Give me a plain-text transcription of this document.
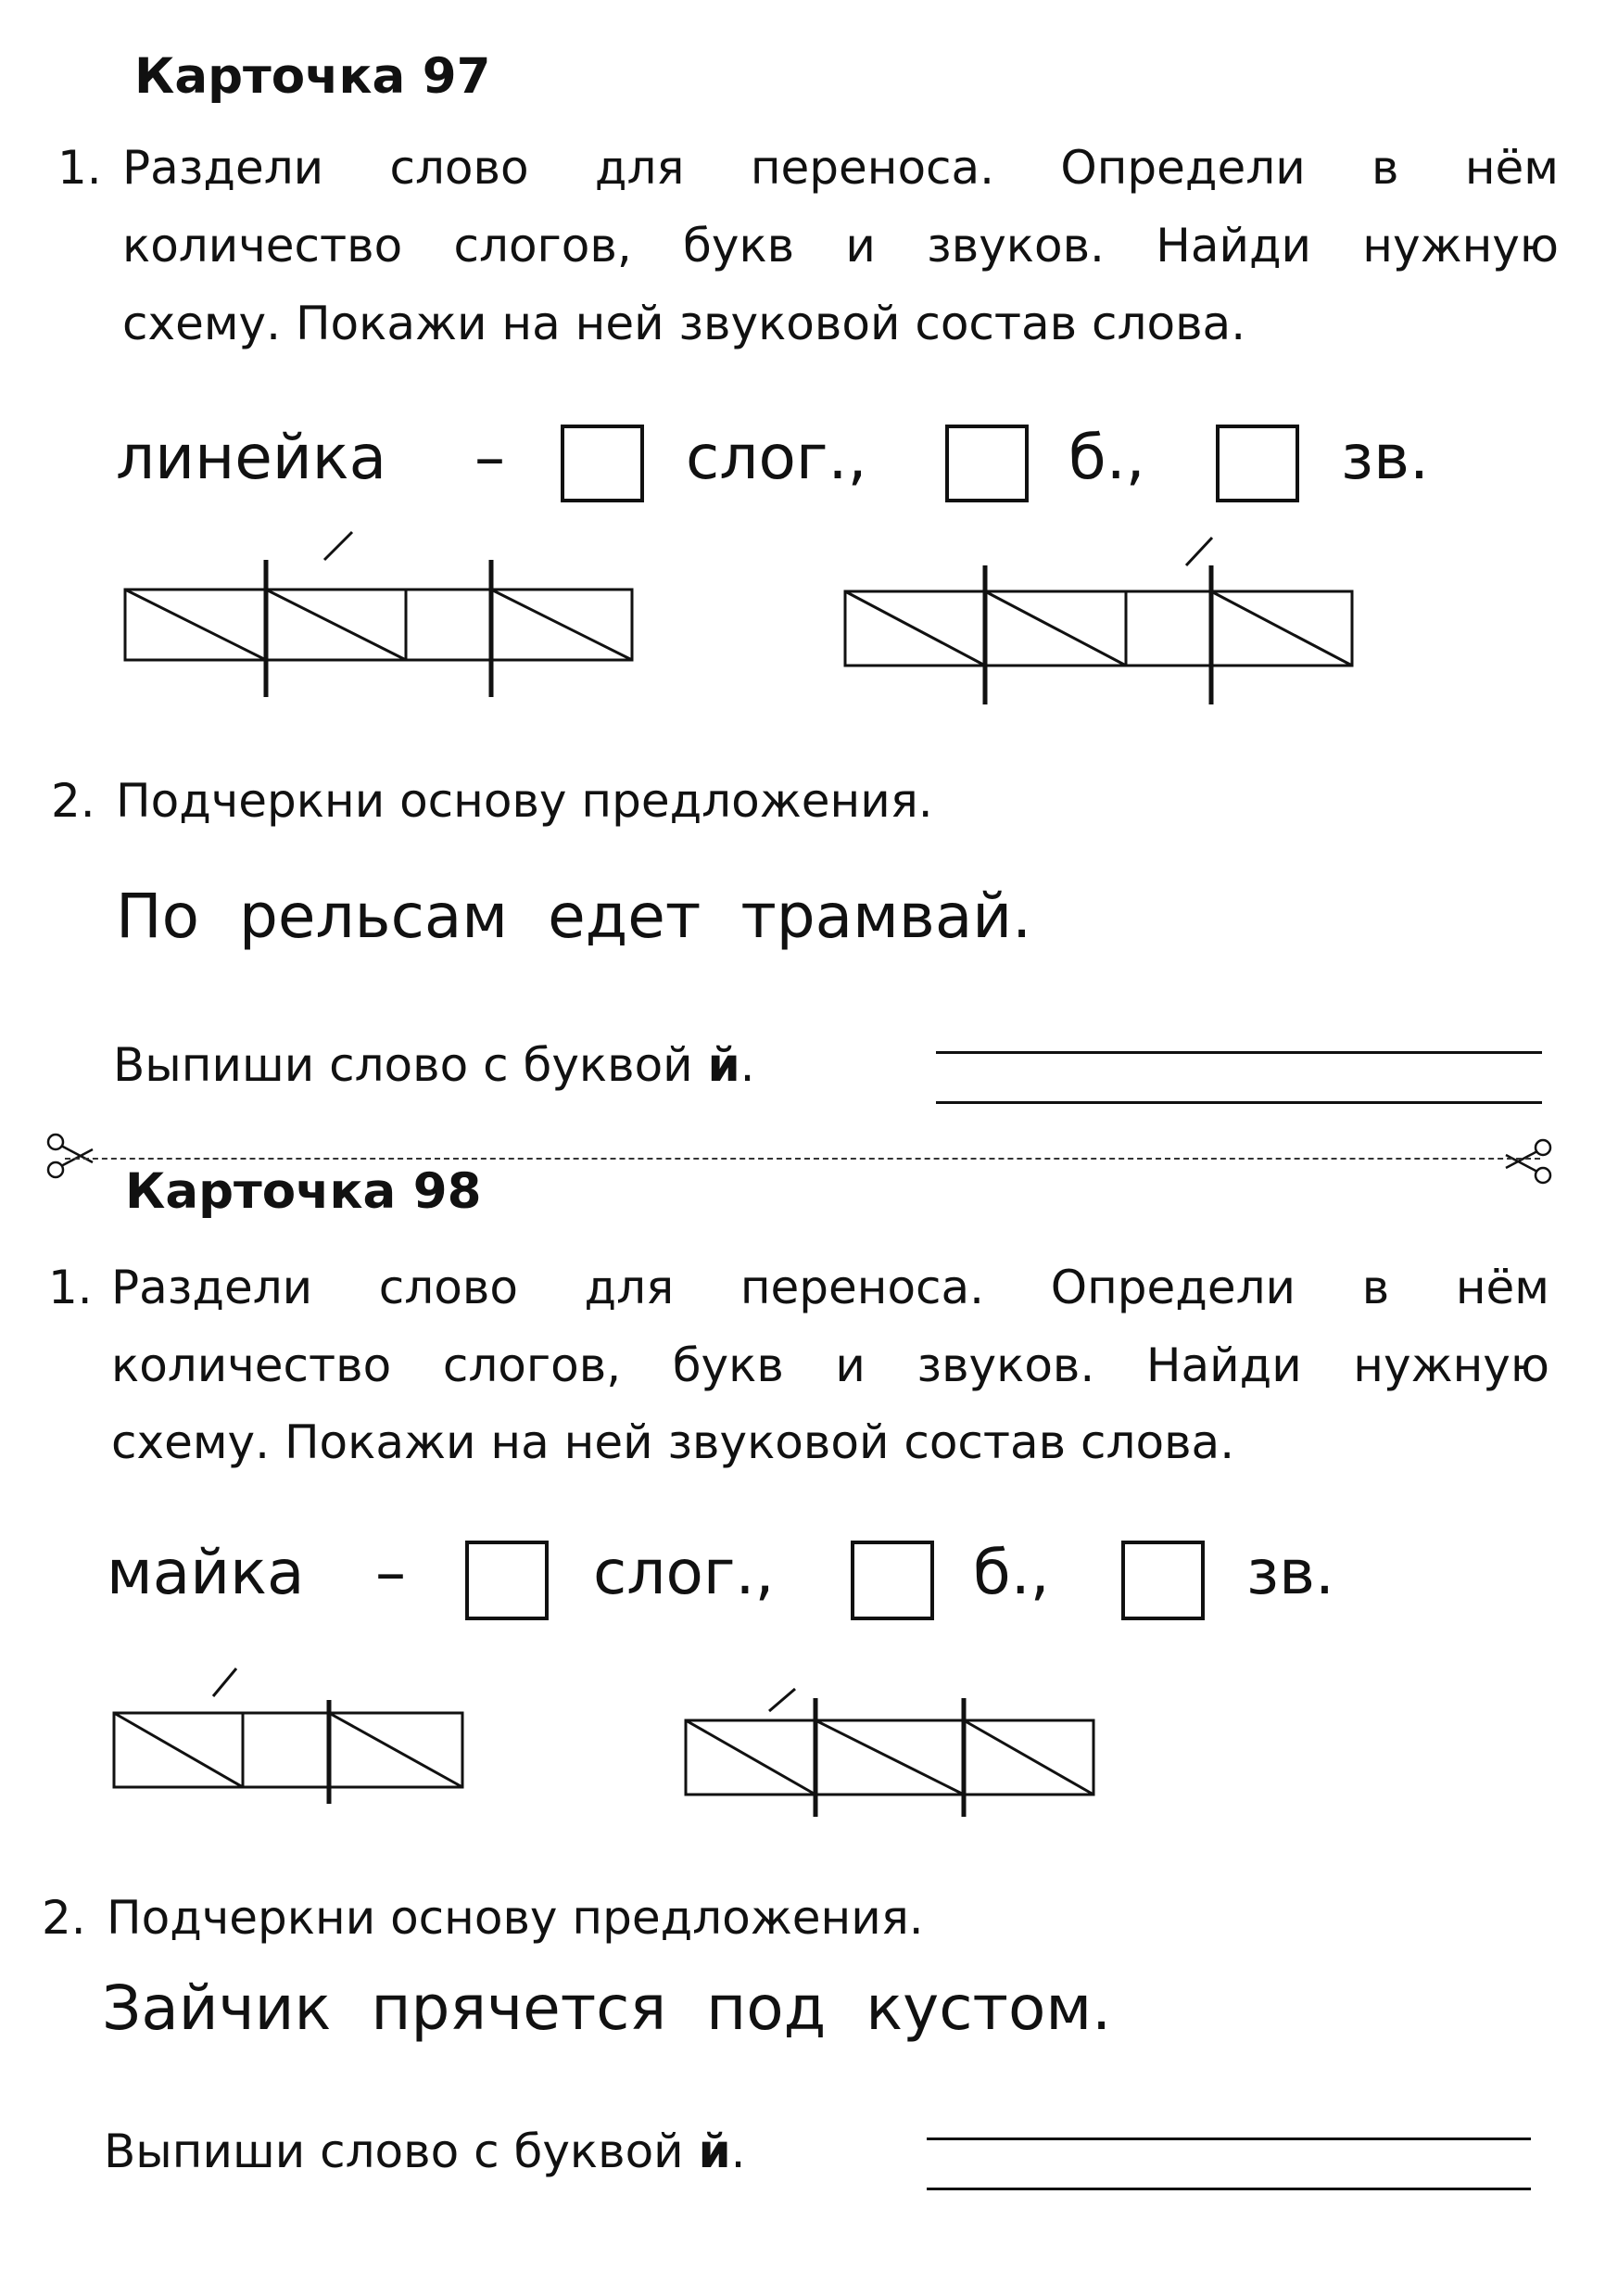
Карточка 97
1. Раздели слово для переноса. Определи в нём
количество слогов, букв и звуков. Найди нужную
схему. Покажи на ней звуковой состав слова.
линейка –	слог.,	б.,	зв.
2. Подчеркни основу предложения.
По рельсам едет трамвай.
Выпиши слово с буквой й.
Карточка 98
1. Раздели слово для переноса. Определи в нём
количество слогов, букв и звуков. Найди нужную
схему. Покажи на ней звуковой состав слова.
майка –	слог.,	б.,	зв.
2. Подчеркни основу предложения.
Зайчик прячется под кустом.
Выпиши слово с буквой й.
